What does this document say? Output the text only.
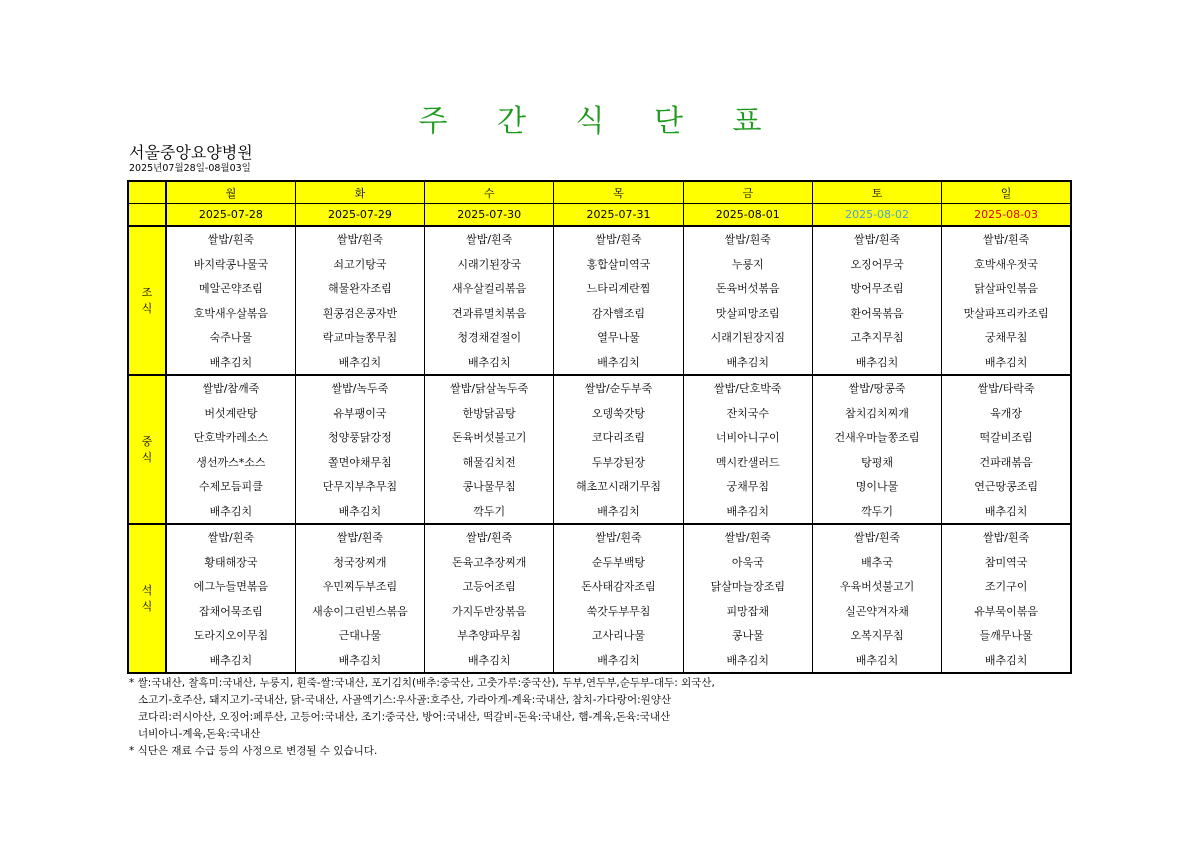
주 간 식 단 표
서울중앙요양병원
2025년07월28일-08월03일
	월	화	수	목	금	토	일
	2025-07-28	2025-07-29	2025-07-30	2025-07-31	2025-08-01	2025-08-02	2025-08-03

조
식	쌀밥/흰죽	쌀밥/흰죽	쌀밥/흰죽	쌀밥/흰죽	쌀밥/흰죽	쌀밥/흰죽	쌀밥/흰죽
	바지락콩나물국	쇠고기탕국	시래기된장국	홍합살미역국	누룽지	오징어무국	호박새우젓국
	메알곤약조림	해물완자조림	새우살컬리볶음	느타리계란찜	돈육버섯볶음	방어무조림	닭살파인볶음
	호박새우살볶음	흰콩검은콩자반	견과류멸치볶음	감자햄조림	맛살피망조림	환어묵볶음	맛살파프리카조림
	숙주나물	락교마늘쫑무침	청경채겉절이	열무나물	시래기된장지짐	고추지무침	궁채무침
	배추김치	배추김치	배추김치	배추김치	배추김치	배추김치	배추김치

중
식	쌀밥/참깨죽	쌀밥/녹두죽	쌀밥/닭살녹두죽	쌀밥/순두부죽	쌀밥/단호박죽	쌀밥/땅콩죽	쌀밥/타락죽
	버섯계란탕	유부팽이국	한방닭곰탕	오뎅쑥갓탕	잔치국수	참치김치찌개	육개장
	단호박카레소스	청양풍닭강정	돈육버섯불고기	코다리조림	너비아니구이	건새우마늘쫑조림	떡갈비조림
	생선까스*소스	쫄면야채무침	해물김치전	두부강된장	멕시칸샐러드	탕평채	건파래볶음
	수제모듬피클	단무지부추무침	콩나물무침	해초꼬시래기무침	궁채무침	명이나물	연근땅콩조림
	배추김치	배추김치	깍두기	배추김치	배추김치	깍두기	배추김치

석
식	쌀밥/흰죽	쌀밥/흰죽	쌀밥/흰죽	쌀밥/흰죽	쌀밥/흰죽	쌀밥/흰죽	쌀밥/흰죽
	황태해장국	청국장찌개	돈육고추장찌개	순두부백탕	아욱국	배추국	참미역국
	에그누들면볶음	우민찌두부조림	고등어조림	돈사태감자조림	닭살마늘장조림	우육버섯불고기	조기구이
	잡채어묵조림	새송이그린빈스볶음	가지두반장볶음	쑥갓두부무침	피망잡채	실곤약겨자채	유부묵이볶음
	도라지오이무침	근대나물	부추양파무침	고사리나물	콩나물	오복지무침	들깨무나물
	배추김치	배추김치	배추김치	배추김치	배추김치	배추김치	배추김치
* 쌀:국내산, 찰흑미:국내산, 누룽지, 흰죽-쌀:국내산, 포기김치(배추:중국산, 고춧가루:중국산), 두부,연두부,순두부-대두: 외국산,
소고기-호주산, 돼지고기-국내산, 닭-국내산, 사골엑기스:우사골:호주산, 가라아게-계육:국내산, 참치-가다랑어:원양산
코다리:러시아산, 오징어:페루산, 고등어:국내산, 조기:중국산, 방어:국내산, 떡갈비-돈육:국내산, 햄-계육,돈육:국내산
너비아니-계육,돈육:국내산
* 식단은 재료 수급 등의 사정으로 변경될 수 있습니다.
